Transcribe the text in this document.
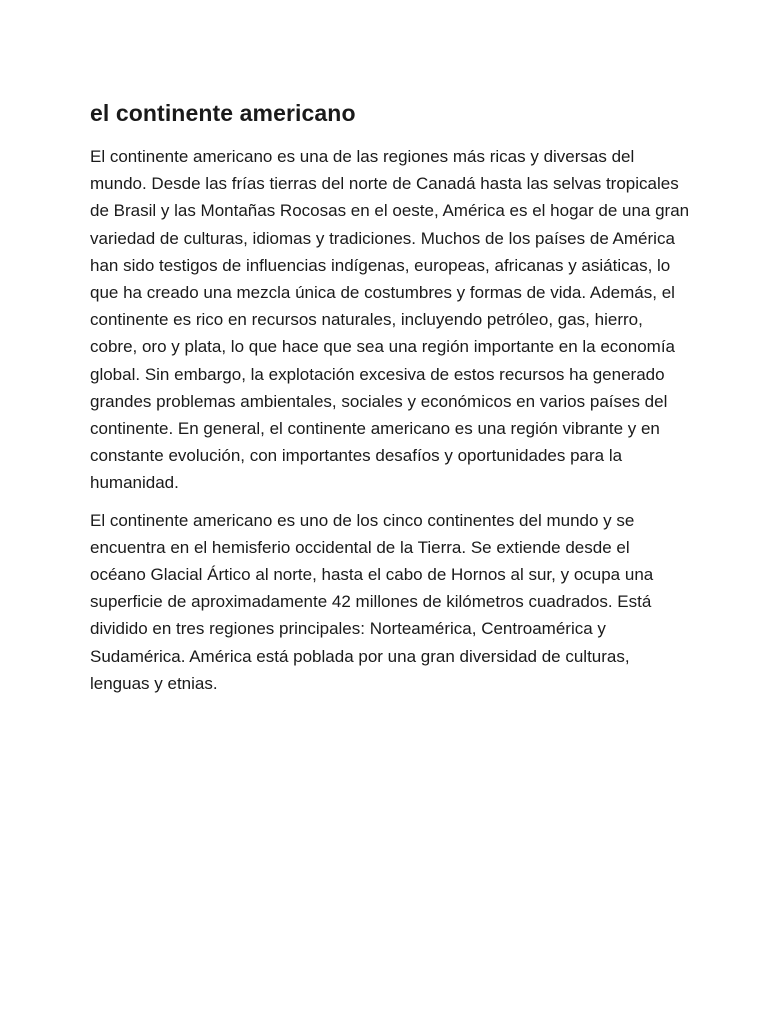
el continente americano

El continente americano es una de las regiones más ricas y diversas del mundo. Desde las frías tierras del norte de Canadá hasta las selvas tropicales de Brasil y las Montañas Rocosas en el oeste, América es el hogar de una gran variedad de culturas, idiomas y tradiciones. Muchos de los países de América han sido testigos de influencias indígenas, europeas, africanas y asiáticas, lo que ha creado una mezcla única de costumbres y formas de vida. Además, el continente es rico en recursos naturales, incluyendo petróleo, gas, hierro, cobre, oro y plata, lo que hace que sea una región importante en la economía global. Sin embargo, la explotación excesiva de estos recursos ha generado grandes problemas ambientales, sociales y económicos en varios países del continente. En general, el continente americano es una región vibrante y en constante evolución, con importantes desafíos y oportunidades para la humanidad.

El continente americano es uno de los cinco continentes del mundo y se encuentra en el hemisferio occidental de la Tierra. Se extiende desde el océano Glacial Ártico al norte, hasta el cabo de Hornos al sur, y ocupa una superficie de aproximadamente 42 millones de kilómetros cuadrados. Está dividido en tres regiones principales: Norteamérica, Centroamérica y Sudamérica. América está poblada por una gran diversidad de culturas, lenguas y etnias.
